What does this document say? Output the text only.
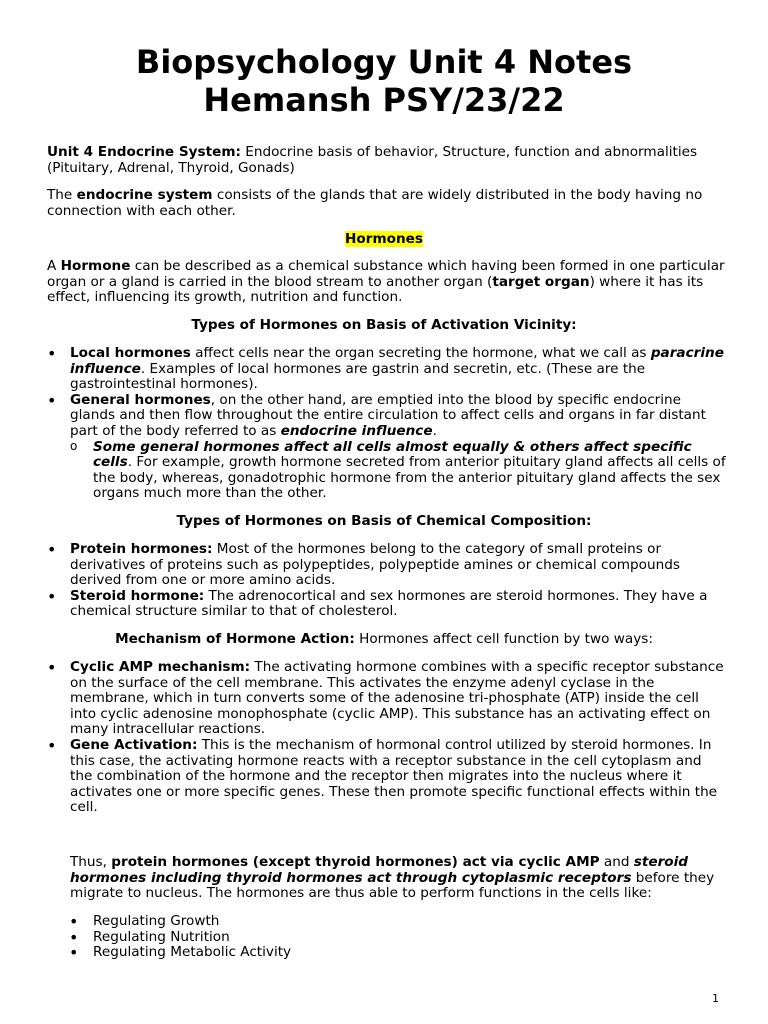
Biopsychology Unit 4 Notes
Hemansh PSY/23/22

Unit 4 Endocrine System: Endocrine basis of behavior, Structure, function and abnormalities (Pituitary, Adrenal, Thyroid, Gonads)

The endocrine system consists of the glands that are widely distributed in the body having no connection with each other.

Hormones

A Hormone can be described as a chemical substance which having been formed in one particular organ or a gland is carried in the blood stream to another organ (target organ) where it has its effect, influencing its growth, nutrition and function.

Types of Hormones on Basis of Activation Vicinity:

• Local hormones affect cells near the organ secreting the hormone, what we call as paracrine influence. Examples of local hormones are gastrin and secretin, etc. (These are the gastrointestinal hormones).
• General hormones, on the other hand, are emptied into the blood by specific endocrine glands and then flow throughout the entire circulation to affect cells and organs in far distant part of the body referred to as endocrine influence.
o Some general hormones affect all cells almost equally & others affect specific cells. For example, growth hormone secreted from anterior pituitary gland affects all cells of the body, whereas, gonadotrophic hormone from the anterior pituitary gland affects the sex organs much more than the other.

Types of Hormones on Basis of Chemical Composition:

• Protein hormones: Most of the hormones belong to the category of small proteins or derivatives of proteins such as polypeptides, polypeptide amines or chemical compounds derived from one or more amino acids.
• Steroid hormone: The adrenocortical and sex hormones are steroid hormones. They have a chemical structure similar to that of cholesterol.

Mechanism of Hormone Action: Hormones affect cell function by two ways:

• Cyclic AMP mechanism: The activating hormone combines with a specific receptor substance on the surface of the cell membrane. This activates the enzyme adenyl cyclase in the membrane, which in turn converts some of the adenosine tri-phosphate (ATP) inside the cell into cyclic adenosine monophosphate (cyclic AMP). This substance has an activating effect on many intracellular reactions.
• Gene Activation: This is the mechanism of hormonal control utilized by steroid hormones. In this case, the activating hormone reacts with a receptor substance in the cell cytoplasm and the combination of the hormone and the receptor then migrates into the nucleus where it activates one or more specific genes. These then promote specific functional effects within the cell.

Thus, protein hormones (except thyroid hormones) act via cyclic AMP and steroid hormones including thyroid hormones act through cytoplasmic receptors before they migrate to nucleus. The hormones are thus able to perform functions in the cells like:

• Regulating Growth
• Regulating Nutrition
• Regulating Metabolic Activity
1
